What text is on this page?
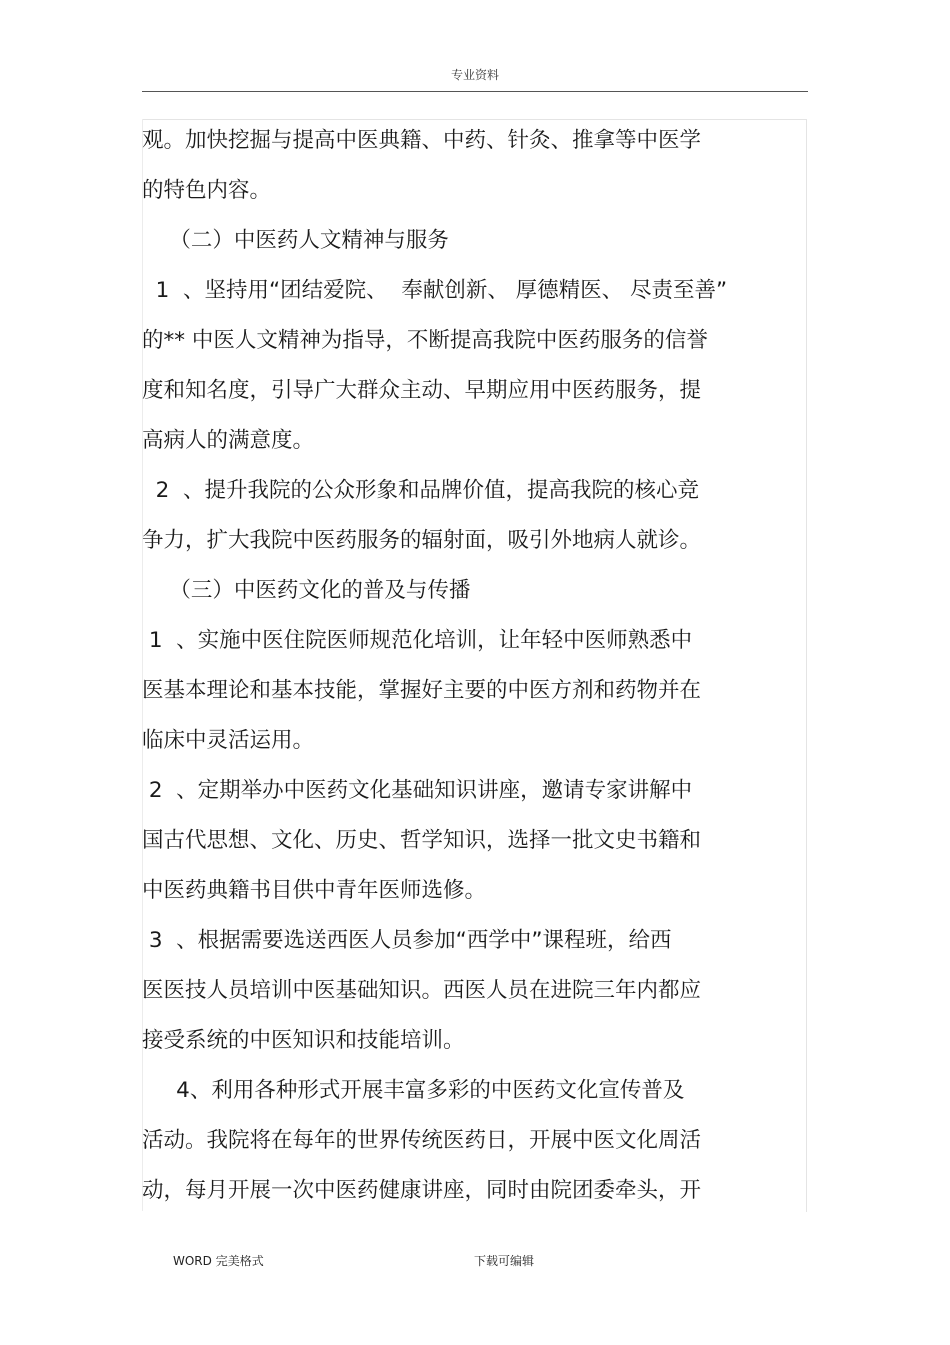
专业资料
观。加快挖掘与提高中医典籍、中药、针灸、推拿等中医学
的特色内容。
（二）中医药人文精神与服务
1  、坚持用“团结爱院、  奉献创新、 厚德精医、 尽责至善”
的** 中医人文精神为指导，不断提高我院中医药服务的信誉
度和知名度，引导广大群众主动、早期应用中医药服务，提
高病人的满意度。
2  、提升我院的公众形象和品牌价值，提高我院的核心竞
争力，扩大我院中医药服务的辐射面，吸引外地病人就诊。
（三）中医药文化的普及与传播
1  、实施中医住院医师规范化培训，让年轻中医师熟悉中
医基本理论和基本技能，掌握好主要的中医方剂和药物并在
临床中灵活运用。
2  、定期举办中医药文化基础知识讲座，邀请专家讲解中
国古代思想、文化、历史、哲学知识，选择一批文史书籍和
中医药典籍书目供中青年医师选修。
3  、根据需要选送西医人员参加“西学中”课程班，给西
医医技人员培训中医基础知识。西医人员在进院三年内都应
接受系统的中医知识和技能培训。
4、利用各种形式开展丰富多彩的中医药文化宣传普及
活动。我院将在每年的世界传统医药日，开展中医文化周活
动，每月开展一次中医药健康讲座，同时由院团委牵头，开
WORD 完美格式	下载可编辑
